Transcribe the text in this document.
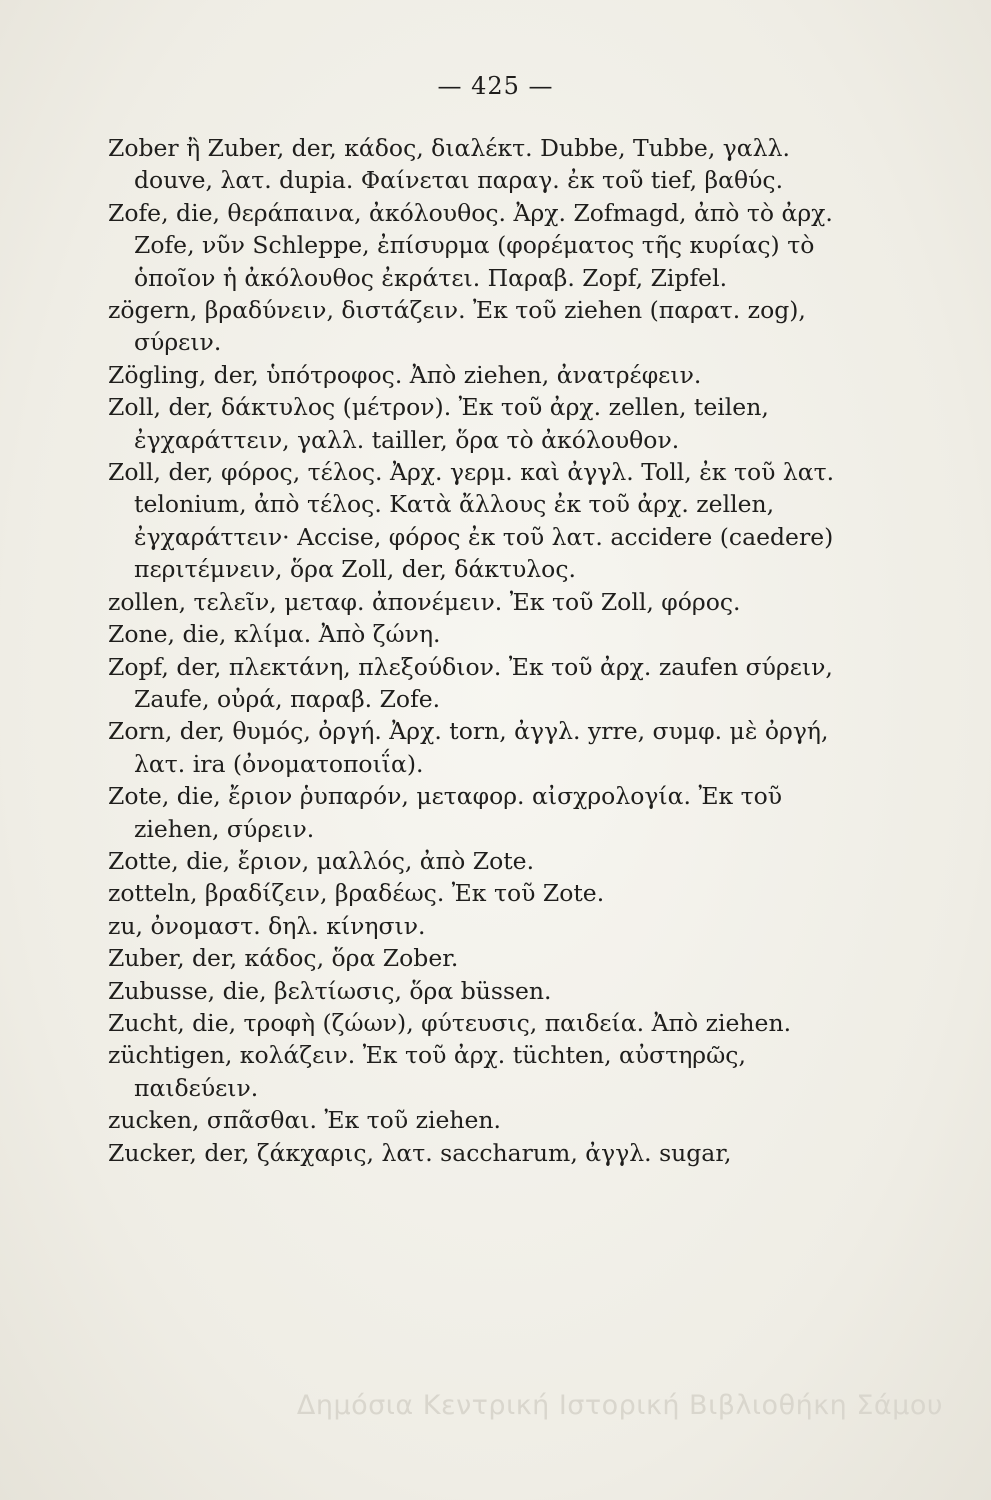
— 425 —

Zober ἢ Zuber, der, κάδος, διαλέκτ. Dubbe, Tubbe, γαλλ. douve, λατ. dupia. Φαίνεται παραγ. ἐκ τοῦ tief, βαθύς.

Zofe, die, θεράπαινα, ἀκόλουθος. Ἀρχ. Zofmagd, ἀπὸ τὸ ἀρχ. Zofe, νῦν Schleppe, ἐπίσυρμα (φορέματος τῆς κυρίας) τὸ ὁποῖον ἡ ἀκόλουθος ἐκράτει. Παραβ. Zopf, Zipfel.

zögern, βραδύνειν, διστάζειν. Ἐκ τοῦ ziehen (παρατ. zog), σύρειν.

Zögling, der, ὑπότροφος. Ἀπὸ ziehen, ἀνατρέφειν.

Zoll, der, δάκτυλος (μέτρον). Ἐκ τοῦ ἀρχ. zellen, teilen, ἐγχαράττειν, γαλλ. tailler, ὅρα τὸ ἀκόλουθον.

Zoll, der, φόρος, τέλος. Ἀρχ. γερμ. καὶ ἀγγλ. Toll, ἐκ τοῦ λατ. telonium, ἀπὸ τέλος. Κατὰ ἄλλους ἐκ τοῦ ἀρχ. zellen, ἐγχαράττειν· Accise, φόρος ἐκ τοῦ λατ. accidere (caedere) περιτέμνειν, ὅρα Zoll, der, δάκτυλος.

zollen, τελεῖν, μεταφ. ἀπονέμειν. Ἐκ τοῦ Zoll, φόρος.

Zone, die, κλίμα. Ἀπὸ ζώνη.

Zopf, der, πλεκτάνη, πλεξούδιον. Ἐκ τοῦ ἀρχ. zaufen σύρειν, Zaufe, οὐρά, παραβ. Zofe.

Zorn, der, θυμός, ὀργή. Ἀρχ. torn, ἀγγλ. yrre, συμφ. μὲ ὀργή, λατ. ira (ὀνοματοποιΐα).

Zote, die, ἔριον ῥυπαρόν, μεταφορ. αἰσχρολογία. Ἐκ τοῦ ziehen, σύρειν.

Zotte, die, ἔριον, μαλλός, ἀπὸ Zote.

zotteln, βραδίζειν, βραδέως. Ἐκ τοῦ Zote.

zu, ὀνομαστ. δηλ. κίνησιν.

Zuber, der, κάδος, ὅρα Zober.

Zubusse, die, βελτίωσις, ὅρα büssen.

Zucht, die, τροφὴ (ζώων), φύτευσις, παιδεία. Ἀπὸ ziehen.

züchtigen, κολάζειν. Ἐκ τοῦ ἀρχ. tüchten, αὐστηρῶς, παιδεύειν.

zucken, σπᾶσθαι. Ἐκ τοῦ ziehen.

Zucker, der, ζάκχαρις, λατ. saccharum, ἀγγλ. sugar,

Δημόσια Κεντρική Ιστορική Βιβλιοθήκη Σάμου
